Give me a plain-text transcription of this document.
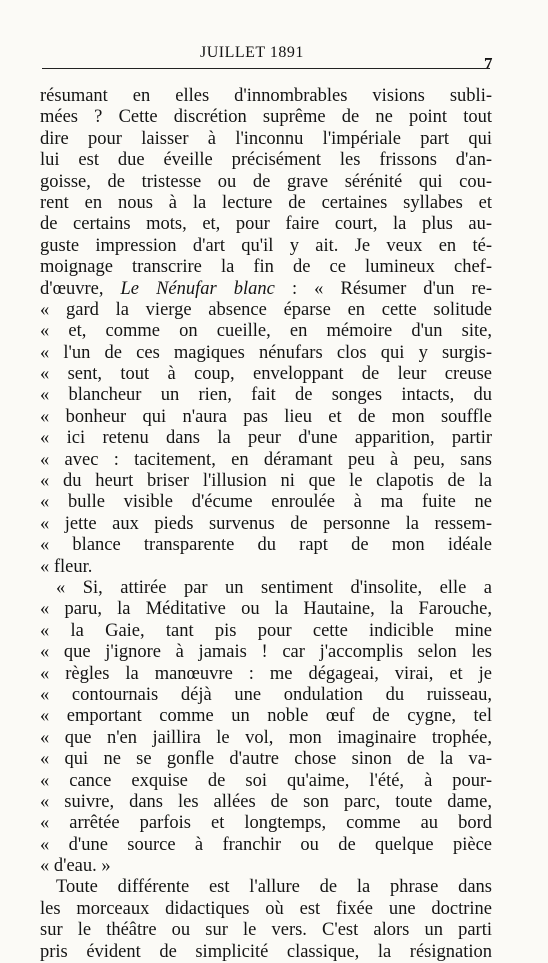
JUILLET 1891
7
résumant en elles d'innombrables visions subli-
mées ? Cette discrétion suprême de ne point tout
dire pour laisser à l'inconnu l'impériale part qui
lui est due éveille précisément les frissons d'an-
goisse, de tristesse ou de grave sérénité qui cou-
rent en nous à la lecture de certaines syllabes et
de certains mots, et, pour faire court, la plus au-
guste impression d'art qu'il y ait. Je veux en té-
moignage transcrire la fin de ce lumineux chef-
d'œuvre, Le Nénufar blanc : « Résumer d'un re-
« gard la vierge absence éparse en cette solitude
« et, comme on cueille, en mémoire d'un site,
« l'un de ces magiques nénufars clos qui y surgis-
« sent, tout à coup, enveloppant de leur creuse
« blancheur un rien, fait de songes intacts, du
« bonheur qui n'aura pas lieu et de mon souffle
« ici retenu dans la peur d'une apparition, partir
« avec : tacitement, en déramant peu à peu, sans
« du heurt briser l'illusion ni que le clapotis de la
« bulle visible d'écume enroulée à ma fuite ne
« jette aux pieds survenus de personne la ressem-
« blance transparente du rapt de mon idéale
« fleur.
« Si, attirée par un sentiment d'insolite, elle a
« paru, la Méditative ou la Hautaine, la Farouche,
« la Gaie, tant pis pour cette indicible mine
« que j'ignore à jamais ! car j'accomplis selon les
« règles la manœuvre : me dégageai, virai, et je
« contournais déjà une ondulation du ruisseau,
« emportant comme un noble œuf de cygne, tel
« que n'en jaillira le vol, mon imaginaire trophée,
« qui ne se gonfle d'autre chose sinon de la va-
« cance exquise de soi qu'aime, l'été, à pour-
« suivre, dans les allées de son parc, toute dame,
« arrêtée parfois et longtemps, comme au bord
« d'une source à franchir ou de quelque pièce
« d'eau. »
Toute différente est l'allure de la phrase dans
les morceaux didactiques où est fixée une doctrine
sur le théâtre ou sur le vers. C'est alors un parti
pris évident de simplicité classique, la résignation
